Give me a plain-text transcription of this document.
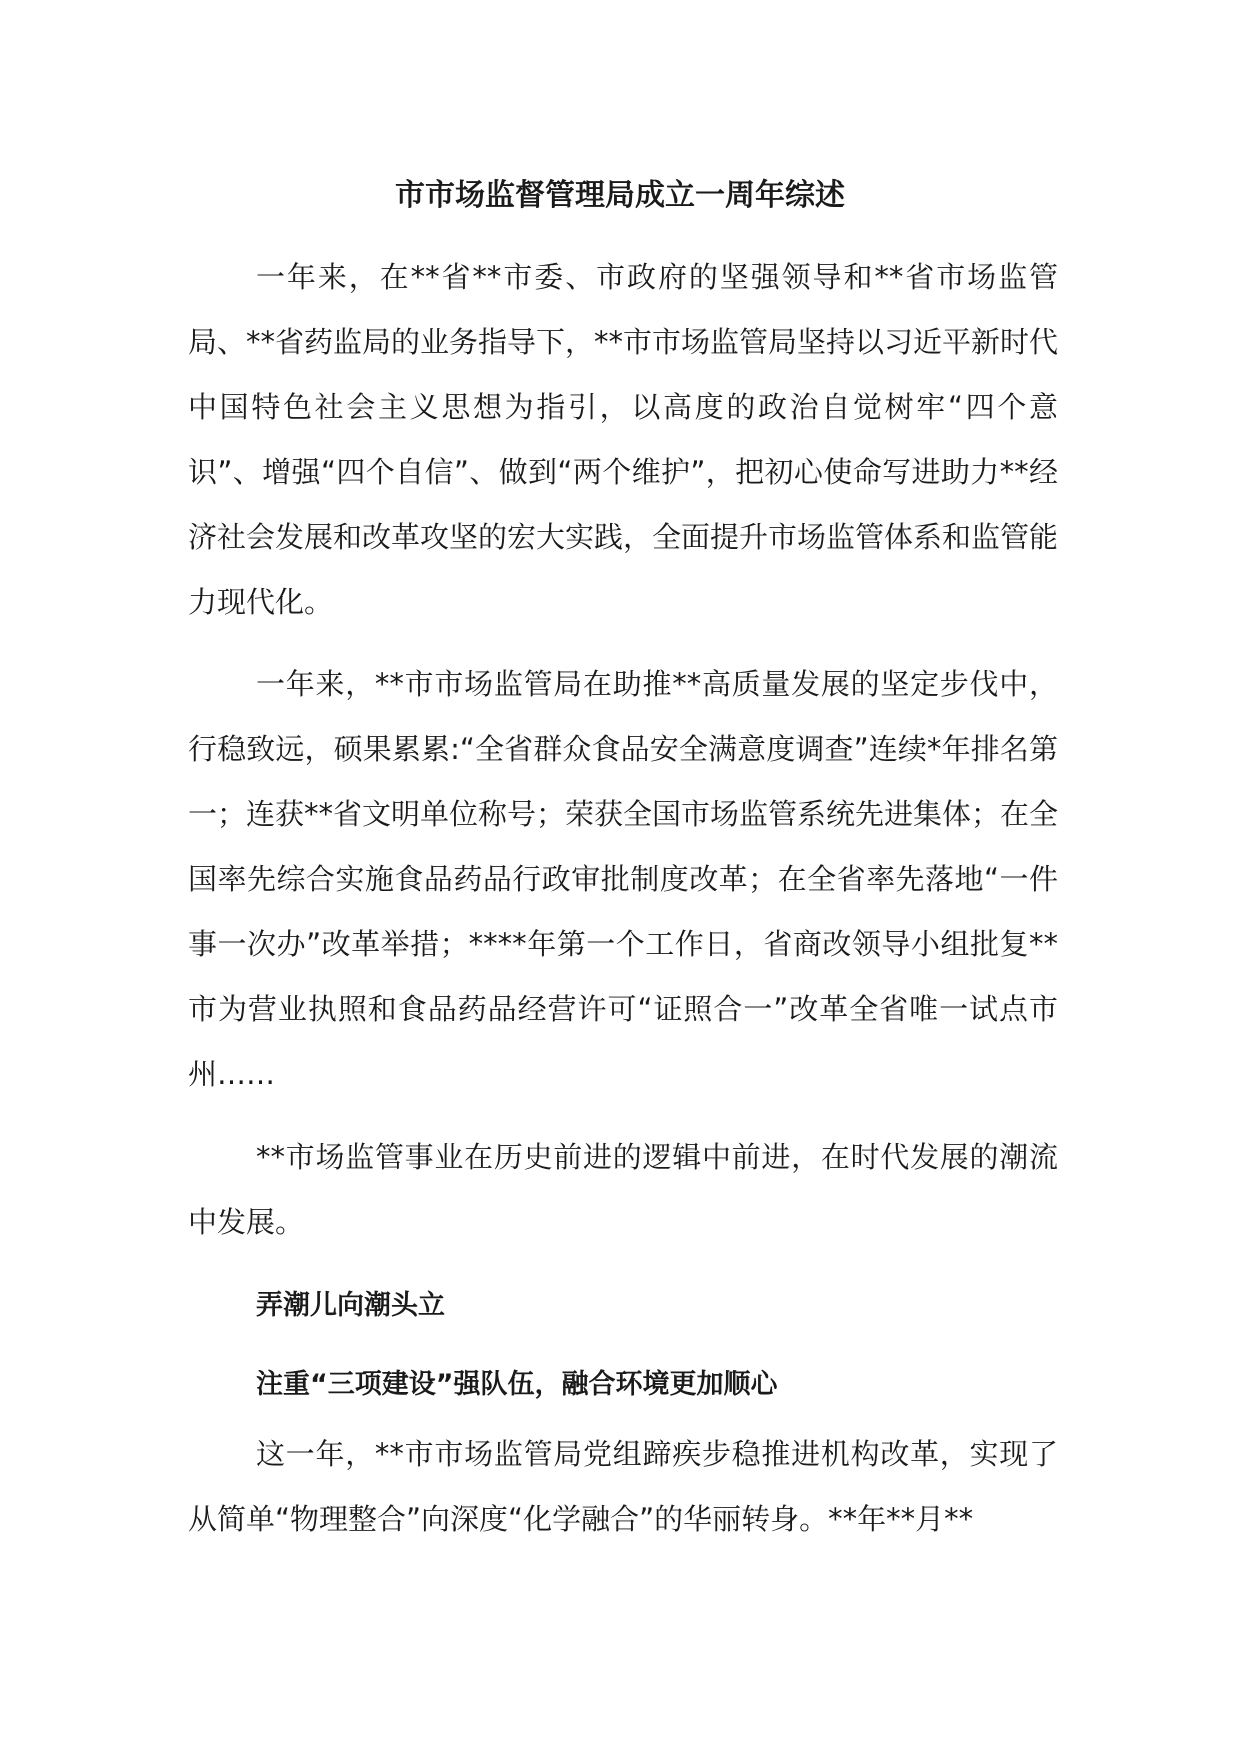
市市场监督管理局成立一周年综述

一年来，在**省**市委、市政府的坚强领导和**省市场监管局、**省药监局的业务指导下，**市市场监管局坚持以习近平新时代中国特色社会主义思想为指引，以高度的政治自觉树牢“四个意识”、增强“四个自信”、做到“两个维护”，把初心使命写进助力**经济社会发展和改革攻坚的宏大实践，全面提升市场监管体系和监管能力现代化。

一年来，**市市场监管局在助推**高质量发展的坚定步伐中，行稳致远，硕果累累:“全省群众食品安全满意度调查”连续*年排名第一；连获**省文明单位称号；荣获全国市场监管系统先进集体；在全国率先综合实施食品药品行政审批制度改革；在全省率先落地“一件事一次办”改革举措；****年第一个工作日，省商改领导小组批复**市为营业执照和食品药品经营许可“证照合一”改革全省唯一试点市州……

**市场监管事业在历史前进的逻辑中前进，在时代发展的潮流中发展。

弄潮儿向潮头立
注重“三项建设”强队伍，融合环境更加顺心

这一年，**市市场监管局党组蹄疾步稳推进机构改革，实现了从简单“物理整合”向深度“化学融合”的华丽转身。**年**月**
